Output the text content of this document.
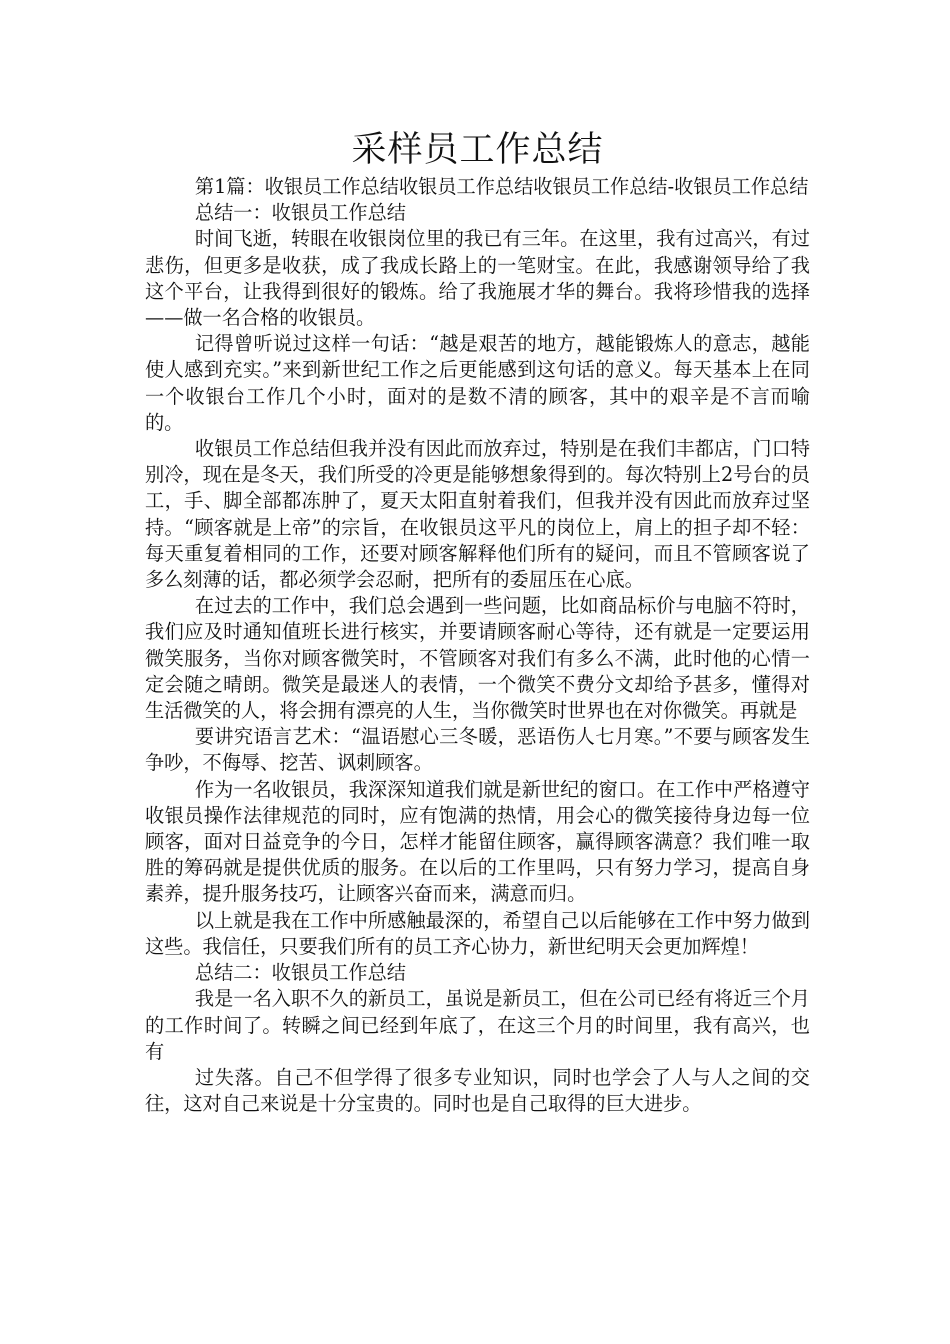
采样员工作总结

第1篇：收银员工作总结收银员工作总结收银员工作总结-收银员工作总结

总结一：收银员工作总结

时间飞逝，转眼在收银岗位里的我已有三年。在这里，我有过高兴，有过悲伤，但更多是收获，成了我成长路上的一笔财宝。在此，我感谢领导给了我这个平台，让我得到很好的锻炼。给了我施展才华的舞台。我将珍惜我的选择——做一名合格的收银员。

记得曾听说过这样一句话：“越是艰苦的地方，越能锻炼人的意志，越能使人感到充实。”来到新世纪工作之后更能感到这句话的意义。每天基本上在同一个收银台工作几个小时，面对的是数不清的顾客，其中的艰辛是不言而喻的。

收银员工作总结但我并没有因此而放弃过，特别是在我们丰都店，门口特别冷，现在是冬天，我们所受的冷更是能够想象得到的。每次特别上2号台的员工，手、脚全部都冻肿了，夏天太阳直射着我们，但我并没有因此而放弃过坚持。“顾客就是上帝”的宗旨，在收银员这平凡的岗位上，肩上的担子却不轻：每天重复着相同的工作，还要对顾客解释他们所有的疑问，而且不管顾客说了多么刻薄的话，都必须学会忍耐，把所有的委屈压在心底。

在过去的工作中，我们总会遇到一些问题，比如商品标价与电脑不符时，我们应及时通知值班长进行核实，并要请顾客耐心等待，还有就是一定要运用微笑服务，当你对顾客微笑时，不管顾客对我们有多么不满，此时他的心情一定会随之晴朗。微笑是最迷人的表情，一个微笑不费分文却给予甚多，懂得对生活微笑的人，将会拥有漂亮的人生，当你微笑时世界也在对你微笑。再就是

要讲究语言艺术：“温语慰心三冬暖，恶语伤人七月寒。”不要与顾客发生争吵，不侮辱、挖苦、讽刺顾客。

作为一名收银员，我深深知道我们就是新世纪的窗口。在工作中严格遵守收银员操作法律规范的同时，应有饱满的热情，用会心的微笑接待身边每一位顾客，面对日益竞争的今日，怎样才能留住顾客，赢得顾客满意？我们唯一取胜的筹码就是提供优质的服务。在以后的工作里吗，只有努力学习，提高自身素养，提升服务技巧，让顾客兴奋而来，满意而归。

以上就是我在工作中所感触最深的，希望自己以后能够在工作中努力做到这些。我信任，只要我们所有的员工齐心协力，新世纪明天会更加辉煌！

总结二：收银员工作总结

我是一名入职不久的新员工，虽说是新员工，但在公司已经有将近三个月的工作时间了。转瞬之间已经到年底了，在这三个月的时间里，我有高兴，也有

过失落。自己不但学得了很多专业知识，同时也学会了人与人之间的交往，这对自己来说是十分宝贵的。同时也是自己取得的巨大进步。
